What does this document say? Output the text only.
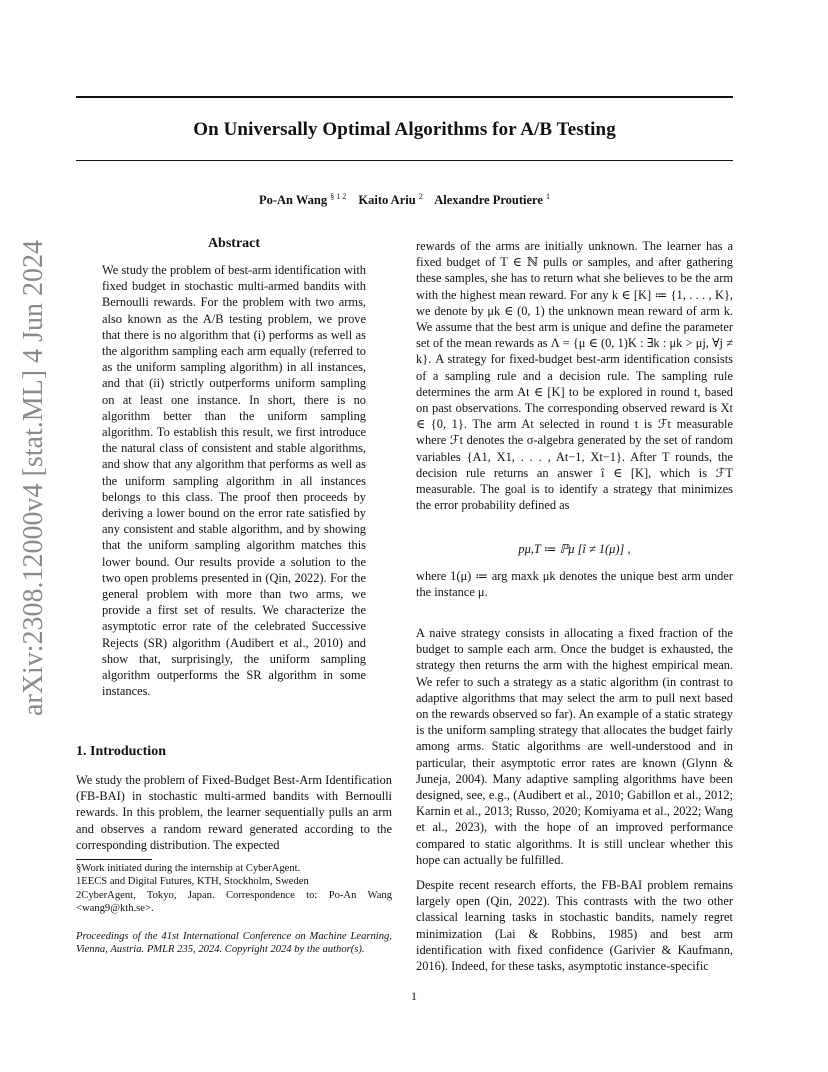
On Universally Optimal Algorithms for A/B Testing
Po-An Wang $^{\S 1 2}$ Kaito Ariu $^2$ Alexandre Proutiere $^1$
arXiv:2308.12000v4 [stat.ML] 4 Jun 2024	Abstract

We study the problem of best-arm identification with fixed budget in stochastic multi-armed bandits with Bernoulli rewards. For the problem with two arms, also known as the A/B testing problem, we prove that there is no algorithm that (i) performs as well as the algorithm sampling each arm equally (referred to as the uniform sampling algorithm) in all instances, and that (ii) strictly outperforms uniform sampling on at least one instance. In short, there is no algorithm better than the uniform sampling algorithm. To establish this result, we first introduce the natural class of consistent and stable algorithms, and show that any algorithm that performs as well as the uniform sampling algorithm in all instances belongs to this class. The proof then proceeds by deriving a lower bound on the error rate satisfied by any consistent and stable algorithm, and by showing that the uniform sampling algorithm matches this lower bound. Our results provide a solution to the two open problems presented in (Qin, 2022). For the general problem with more than two arms, we provide a first set of results. We characterize the asymptotic error rate of the celebrated Successive Rejects (SR) algorithm (Audibert et al., 2010) and show that, surprisingly, the uniform sampling algorithm outperforms the SR algorithm in some instances.

1. Introduction

We study the problem of Fixed-Budget Best-Arm Identification (FB-BAI) in stochastic multi-armed bandits with Bernoulli rewards. In this problem, the learner sequentially pulls an arm and observes a random reward generated according to the corresponding distribution. The expected

§Work initiated during the internship at CyberAgent.
1EECS and Digital Futures, KTH, Stockholm, Sweden
2CyberAgent, Tokyo, Japan. Correspondence to: Po-An Wang <wang9@kth.se>.
Proceedings of the 41st International Conference on Machine Learning, Vienna, Austria. PMLR 235, 2024. Copyright 2024 by the author(s).

rewards of the arms are initially unknown. The learner has a fixed budget of T ∈ ℕ pulls or samples, and after gathering these samples, she has to return what she believes to be the arm with the highest mean reward. For any k ∈ [K] ≔ {1, . . . , K}, we denote by μk ∈ (0, 1) the unknown mean reward of arm k. We assume that the best arm is unique and define the parameter set of the mean rewards as Λ = {μ ∈ (0, 1)K : ∃k : μk > μj, ∀j ≠ k}. A strategy for fixed-budget best-arm identification consists of a sampling rule and a decision rule. The sampling rule determines the arm At ∈ [K] to be explored in round t, based on past observations. The corresponding observed reward is Xt ∈ {0, 1}. The arm At selected in round t is ℱt measurable where ℱt denotes the σ-algebra generated by the set of random variables {A1, X1, . . . , At−1, Xt−1}. After T rounds, the decision rule returns an answer î ∈ [K], which is ℱT measurable. The goal is to identify a strategy that minimizes the error probability defined as

pμ,T ≔ ℙμ [î ≠ 1(μ)] ,

where 1(μ) ≔ arg maxk μk denotes the unique best arm under the instance μ.

A naive strategy consists in allocating a fixed fraction of the budget to sample each arm. Once the budget is exhausted, the strategy then returns the arm with the highest empirical mean. We refer to such a strategy as a static algorithm (in contrast to adaptive algorithms that may select the arm to pull next based on the rewards observed so far). An example of a static strategy is the uniform sampling strategy that allocates the budget fairly among arms. Static algorithms are well-understood and in particular, their asymptotic error rates are known (Glynn & Juneja, 2004). Many adaptive sampling algorithms have been designed, see, e.g., (Audibert et al., 2010; Gabillon et al., 2012; Karnin et al., 2013; Russo, 2020; Komiyama et al., 2022; Wang et al., 2023), with the hope of an improved performance compared to static algorithms. It is still unclear whether this hope can actually be fulfilled.

Despite recent research efforts, the FB-BAI problem remains largely open (Qin, 2022). This contrasts with the two other classical learning tasks in stochastic bandits, namely regret minimization (Lai & Robbins, 1985) and best arm identification with fixed confidence (Garivier & Kaufmann, 2016). Indeed, for these tasks, asymptotic instance-specific

1
